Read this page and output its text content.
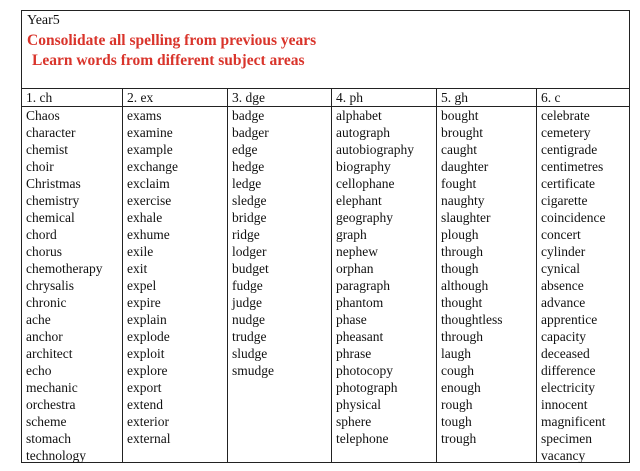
Year5
Consolidate all spelling from previous years
Learn words from different subject areas
1. ch
Chaos
character
chemist
choir
Christmas
chemistry
chemical
chord
chorus
chemotherapy
chrysalis
chronic
ache
anchor
architect
echo
mechanic
orchestra
scheme
stomach
technology
2. ex
exams
examine
example
exchange
exclaim
exercise
exhale
exhume
exile
exit
expel
expire
explain
explode
exploit
explore
export
extend
exterior
external
3. dge
badge
badger
edge
hedge
ledge
sledge
bridge
ridge
lodger
budget
fudge
judge
nudge
trudge
sludge
smudge
4. ph
alphabet
autograph
autobiography
biography
cellophane
elephant
geography
graph
nephew
orphan
paragraph
phantom
phase
pheasant
phrase
photocopy
photograph
physical
sphere
telephone
5. gh
bought
brought
caught
daughter
fought
naughty
slaughter
plough
through
though
although
thought
thoughtless
through
laugh
cough
enough
rough
tough
trough
6. c
celebrate
cemetery
centigrade
centimetres
certificate
cigarette
coincidence
concert
cylinder
cynical
absence
advance
apprentice
capacity
deceased
difference
electricity
innocent
magnificent
specimen
vacancy
